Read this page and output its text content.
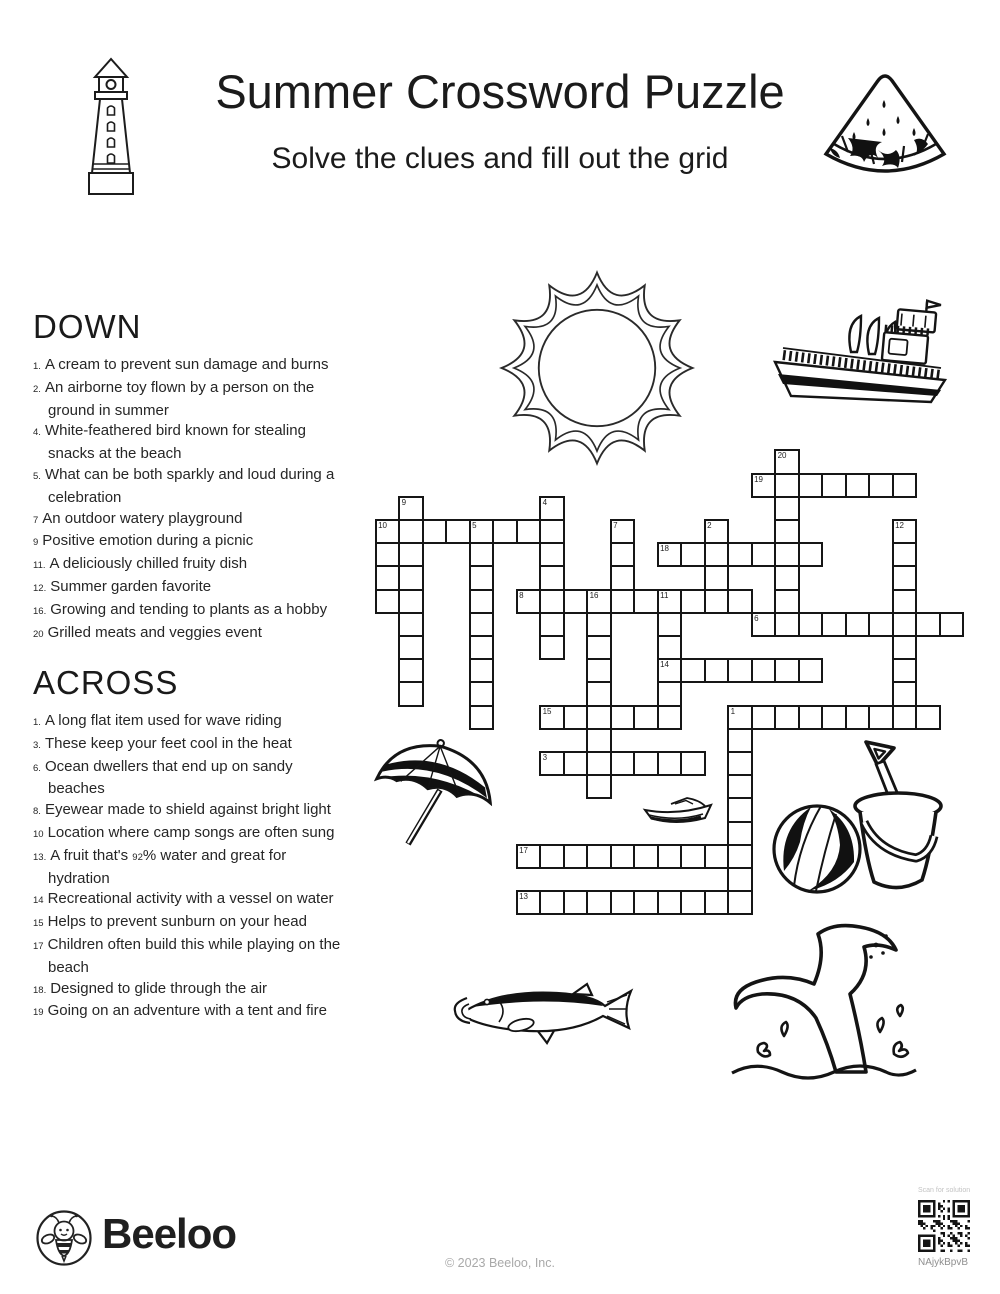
Summer Crossword Puzzle
Solve the clues and fill out the grid
DOWN
1. A cream to prevent sun damage and burns
2. An airborne toy flown by a person on the ground in summer
4. White-feathered bird known for stealing snacks at the beach
5. What can be both sparkly and loud during a celebration
7 An outdoor watery playground
9 Positive emotion during a picnic
11. A deliciously chilled fruity dish
12. Summer garden favorite
16. Growing and tending to plants as a hobby
20 Grilled meats and veggies event
ACROSS
1. A long flat item used for wave riding
3. These keep your feet cool in the heat
6. Ocean dwellers that end up on sandy beaches
8. Eyewear made to shield against bright light
10 Location where camp songs are often sung
13. A fruit that's 92% water and great for hydration
14 Recreational activity with a vessel on water
15 Helps to prevent sunburn on your head
17 Children often build this while playing on the beach
18. Designed to glide through the air
19 Going on an adventure with a tent and fire
19
10	5
18
8	16	11
6
14
15	1
3
17
13
20
9	4
7	2	12
Beeloo
© 2023 Beeloo, Inc.
Scan for solution
NAjykBpvB
